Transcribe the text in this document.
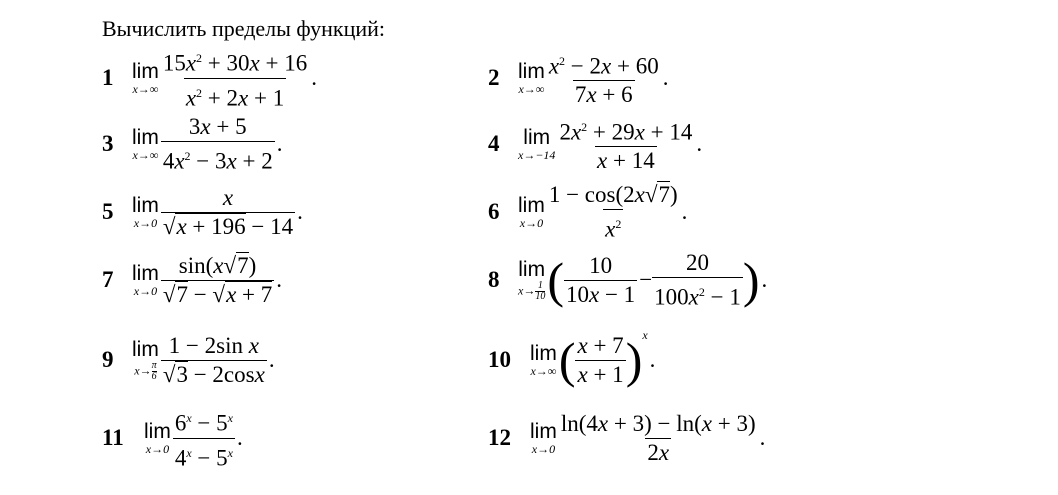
Вычислить пределы функций:
1 lim
$x\to\infty \frac{15x^2 + 30x + 16}{x^2 + 2x + 1}$ .	2 lim
$x\to\infty \frac{x^2 - 2x + 60}{7x + 6}$ .
3 lim
$x\to\infty \frac{3x + 5}{4x^2 - 3x + 2}$ .	4	lim
$x\to-14 \frac{2x^2 + 29x + 14}{x + 14}$ .
5 lim
$x\to 0 \frac{x}{√x + 196 - 14}$ .	6 lim
$x\to 0 \frac{1 - \cos(2x√7)}{x^2}$ .
7 lim
$x\to 0 \frac{\sin(x√7)}{√7 - √x + 7}$ .	8 lim
$x\to \frac{1}{10}$ ( $\frac{10}{10x - 1} - \frac{20}{100x^2 - 1}$ ) .
9 lim
$x\to \frac{\pi}{6} \frac{\text{1 − 2sin x}}{√3 - 2\cos x}$ .	10 lim
x→∞ ( $\frac{x + 7}{x + 1}$ ) $^x$
.
11 lim
$x\to 0 \frac{6^x - 5^x}{4^x - 5^x}$ .	12 lim
$x\to 0 \frac{\ln(4x + 3) - \ln(x + 3)}{2x}$ .
